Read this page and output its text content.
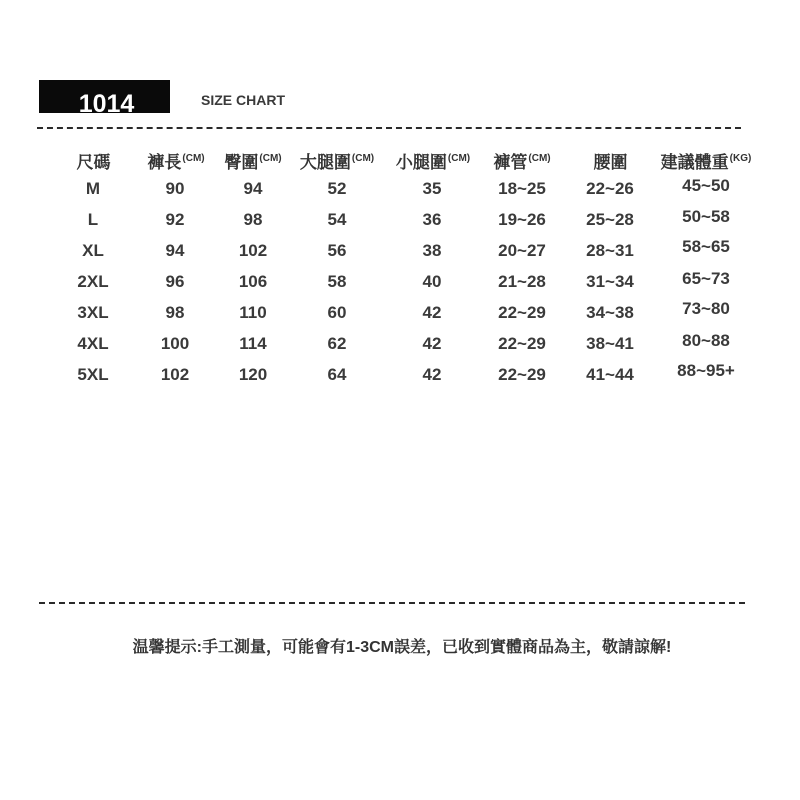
1014	SIZE CHART
尺碼 褲長$^{(CM)}$ 臀圍$^{(CM)}$ 大腿圍$^{(CM)}$ 小腿圍$^{(CM)}$ 褲管$^{(CM)}$	腰圍 建議體重$^{(KG)}$
M	90	94	52	35	18~25 22~26	45~50
L	92	98	54	36	19~26 25~28	50~58
XL	94	102	56	38	20~27 28~31	58~65
2XL	96	106	58	40	21~28 31~34	65~73
3XL	98	110	60	42	22~29 34~38	73~80
4XL	100	114	62	42	22~29 38~41	80~88
5XL	102	120	64	42	22~29 41~44	88~95+
温馨提示:手工測量，可能會有1-3CM誤差，已收到實體商品為主，敬請諒解!
